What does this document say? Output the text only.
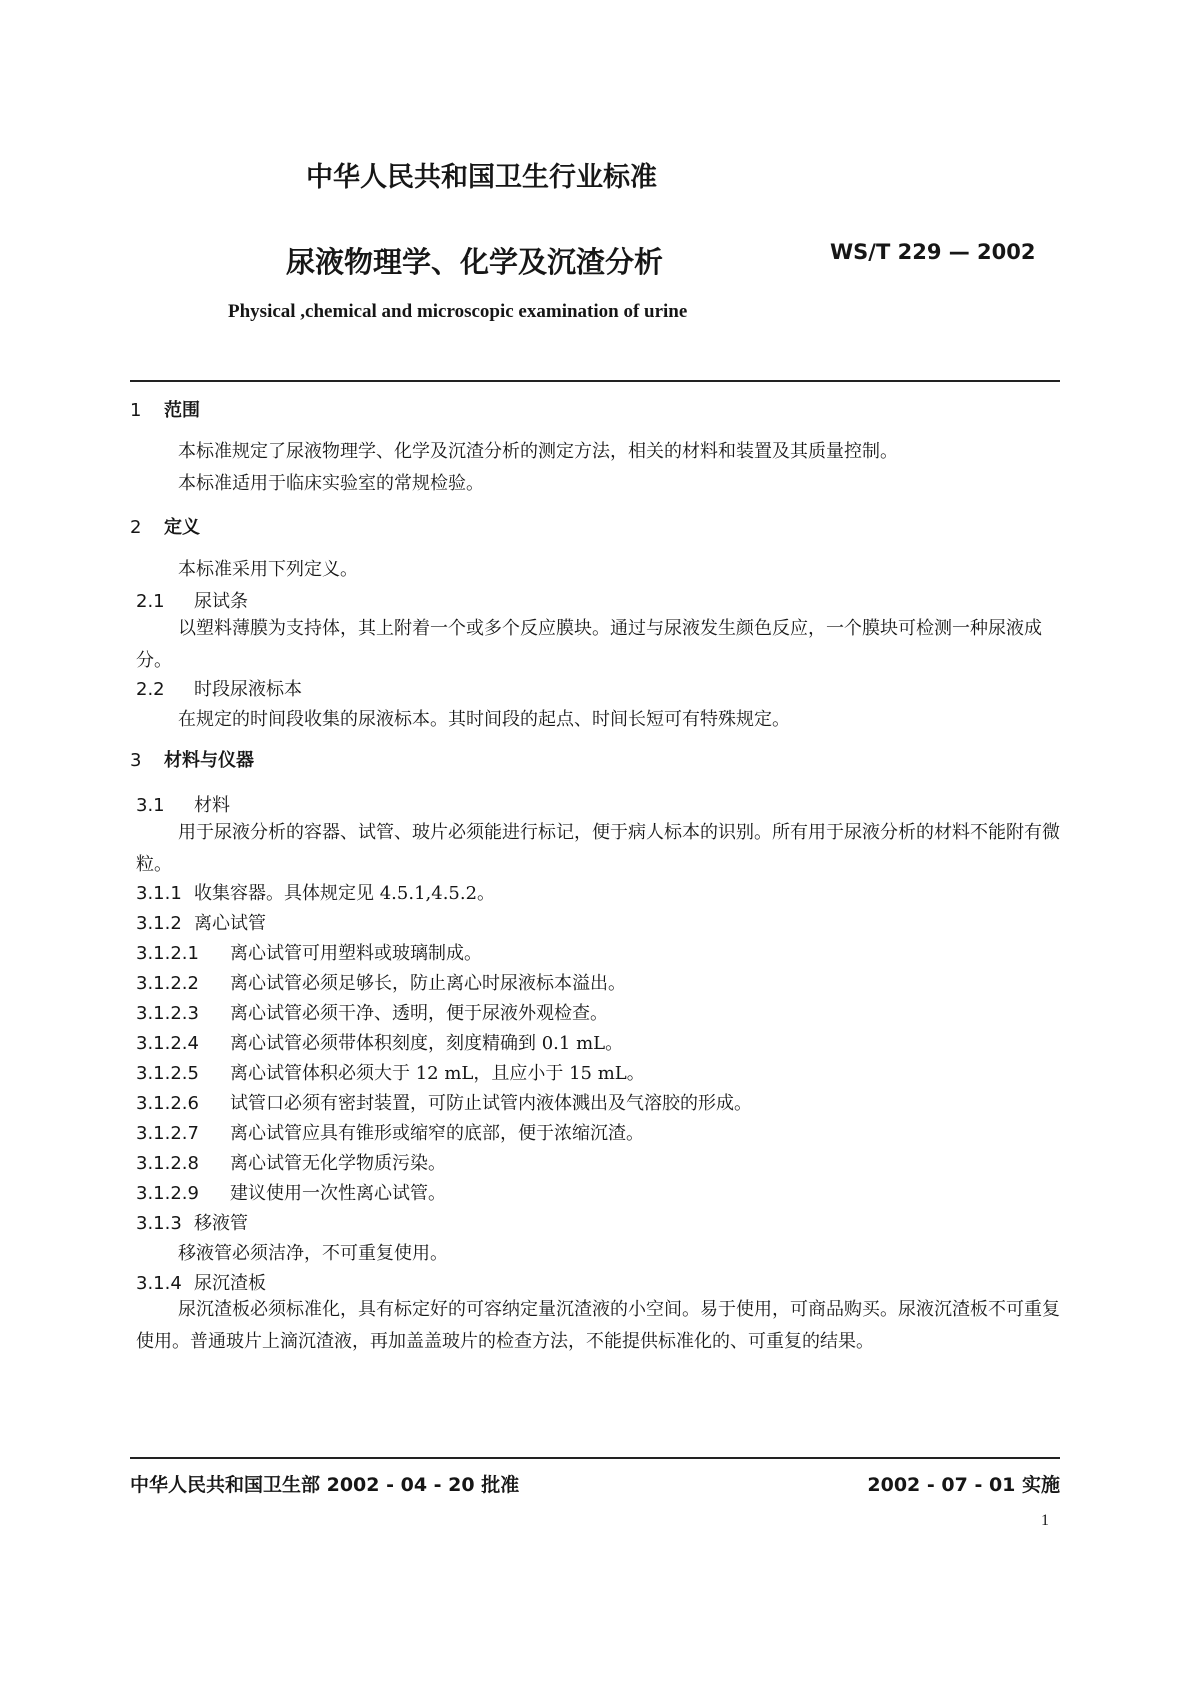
中华人民共和国卫生行业标准
尿液物理学、化学及沉渣分析	WS/T 229 — 2002
Physical ,chemical and microscopic examination of urine
1 范围
本标准规定了尿液物理学、化学及沉渣分析的测定方法，相关的材料和装置及其质量控制。
本标准适用于临床实验室的常规检验。
2 定义
本标准采用下列定义。
2.1 尿试条
以塑料薄膜为支持体，其上附着一个或多个反应膜块。通过与尿液发生颜色反应，一个膜块可检测一种尿液成分。
2.2 时段尿液标本
在规定的时间段收集的尿液标本。其时间段的起点、时间长短可有特殊规定。
3 材料与仪器
3.1 材料
用于尿液分析的容器、试管、玻片必须能进行标记，便于病人标本的识别。所有用于尿液分析的材料不能附有微粒。
3.1.1 收集容器。具体规定见 4.5.1,4.5.2。
3.1.2 离心试管
3.1.2.1 离心试管可用塑料或玻璃制成。
3.1.2.2 离心试管必须足够长，防止离心时尿液标本溢出。
3.1.2.3 离心试管必须干净、透明，便于尿液外观检查。
3.1.2.4 离心试管必须带体积刻度，刻度精确到 0.1 mL。
3.1.2.5 离心试管体积必须大于 12 mL，且应小于 15 mL。
3.1.2.6 试管口必须有密封装置，可防止试管内液体溅出及气溶胶的形成。
3.1.2.7 离心试管应具有锥形或缩窄的底部，便于浓缩沉渣。
3.1.2.8 离心试管无化学物质污染。
3.1.2.9 建议使用一次性离心试管。
3.1.3 移液管
移液管必须洁净，不可重复使用。
3.1.4 尿沉渣板
尿沉渣板必须标准化，具有标定好的可容纳定量沉渣液的小空间。易于使用，可商品购买。尿液沉渣板不可重复使用。普通玻片上滴沉渣液，再加盖盖玻片的检查方法，不能提供标准化的、可重复的结果。
中华人民共和国卫生部 2002 - 04 - 20 批准	2002 - 07 - 01 实施
1
